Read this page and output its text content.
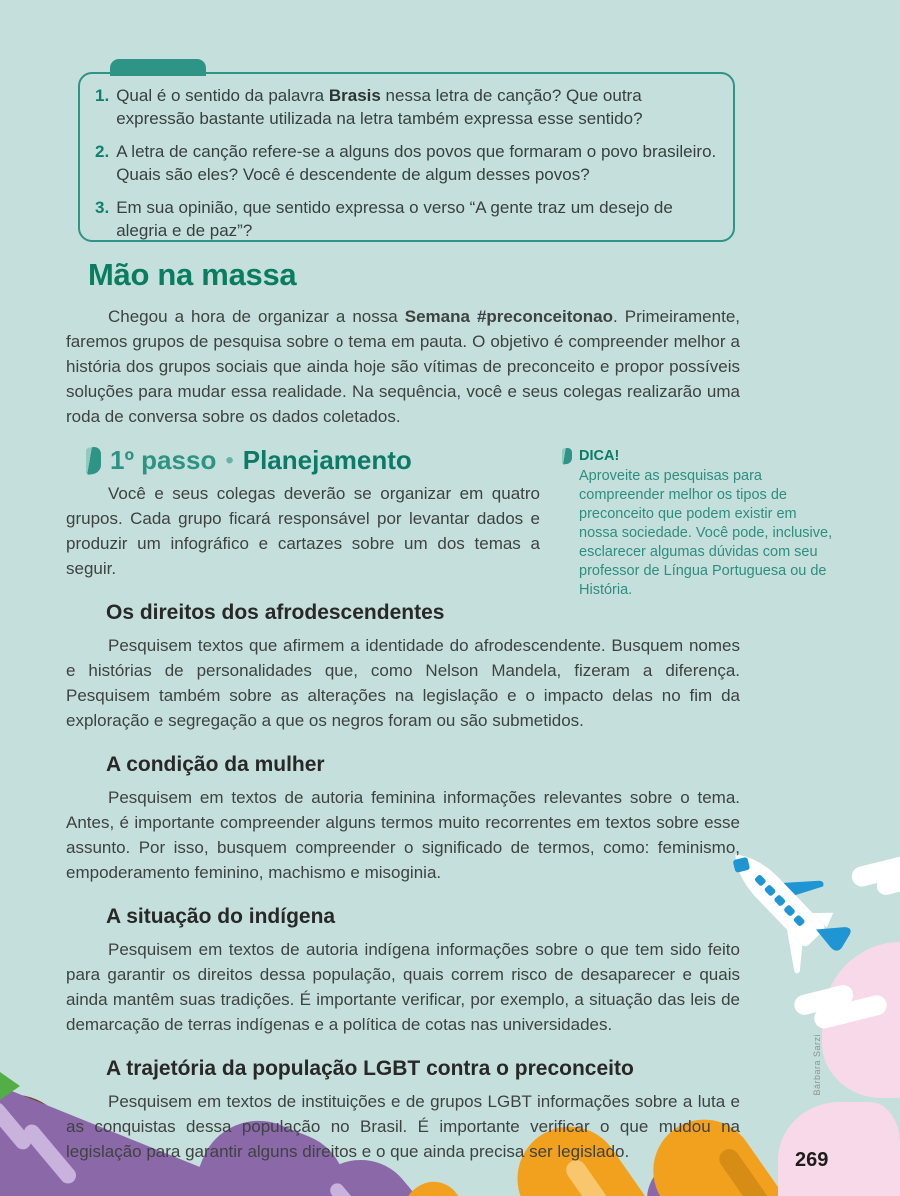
1. Qual é o sentido da palavra Brasis nessa letra de canção? Que outra expressão bastante utilizada na letra também expressa esse sentido?

2. A letra de canção refere-se a alguns dos povos que formaram o povo brasileiro. Quais são eles? Você é descendente de algum desses povos?

3. Em sua opinião, que sentido expressa o verso “A gente traz um desejo de alegria e de paz”?

Mão na massa

Chegou a hora de organizar a nossa Semana #preconceitonao. Primeiramente, faremos grupos de pesquisa sobre o tema em pauta. O objetivo é compreender melhor a história dos grupos sociais que ainda hoje são vítimas de preconceito e propor possíveis soluções para mudar essa realidade. Na sequência, você e seus colegas realizarão uma roda de conversa sobre os dados coletados.

1º passo • Planejamento

Você e seus colegas deverão se organizar em quatro grupos. Cada grupo ficará responsável por levantar dados e produzir um infográfico e cartazes sobre um dos temas a seguir.

Os direitos dos afrodescendentes

Pesquisem textos que afirmem a identidade do afrodescendente. Busquem nomes e histórias de personalidades que, como Nelson Mandela, fizeram a diferença. Pesquisem também sobre as alterações na legislação e o impacto delas no fim da exploração e segregação a que os negros foram ou são submetidos.

A condição da mulher

Pesquisem em textos de autoria feminina informações relevantes sobre o tema. Antes, é importante compreender alguns termos muito recorrentes em textos sobre esse assunto. Por isso, busquem compreender o significado de termos, como: feminismo, empoderamento feminino, machismo e misoginia.

A situação do indígena

Pesquisem em textos de autoria indígena informações sobre o que tem sido feito para garantir os direitos dessa população, quais correm risco de desaparecer e quais ainda mantêm suas tradições. É importante verificar, por exemplo, a situação das leis de demarcação de terras indígenas e a política de cotas nas universidades.

A trajetória da população LGBT contra o preconceito

Pesquisem em textos de instituições e de grupos LGBT informações sobre a luta e as conquistas dessa população no Brasil. É importante verificar o que mudou na legislação para garantir alguns direitos e o que ainda precisa ser legislado.

DICA!

Aproveite as pesquisas para compreender melhor os tipos de preconceito que podem existir em nossa sociedade. Você pode, inclusive, esclarecer algumas dúvidas com seu professor de Língua Portuguesa ou de História.

Bárbara Sarzi
269
